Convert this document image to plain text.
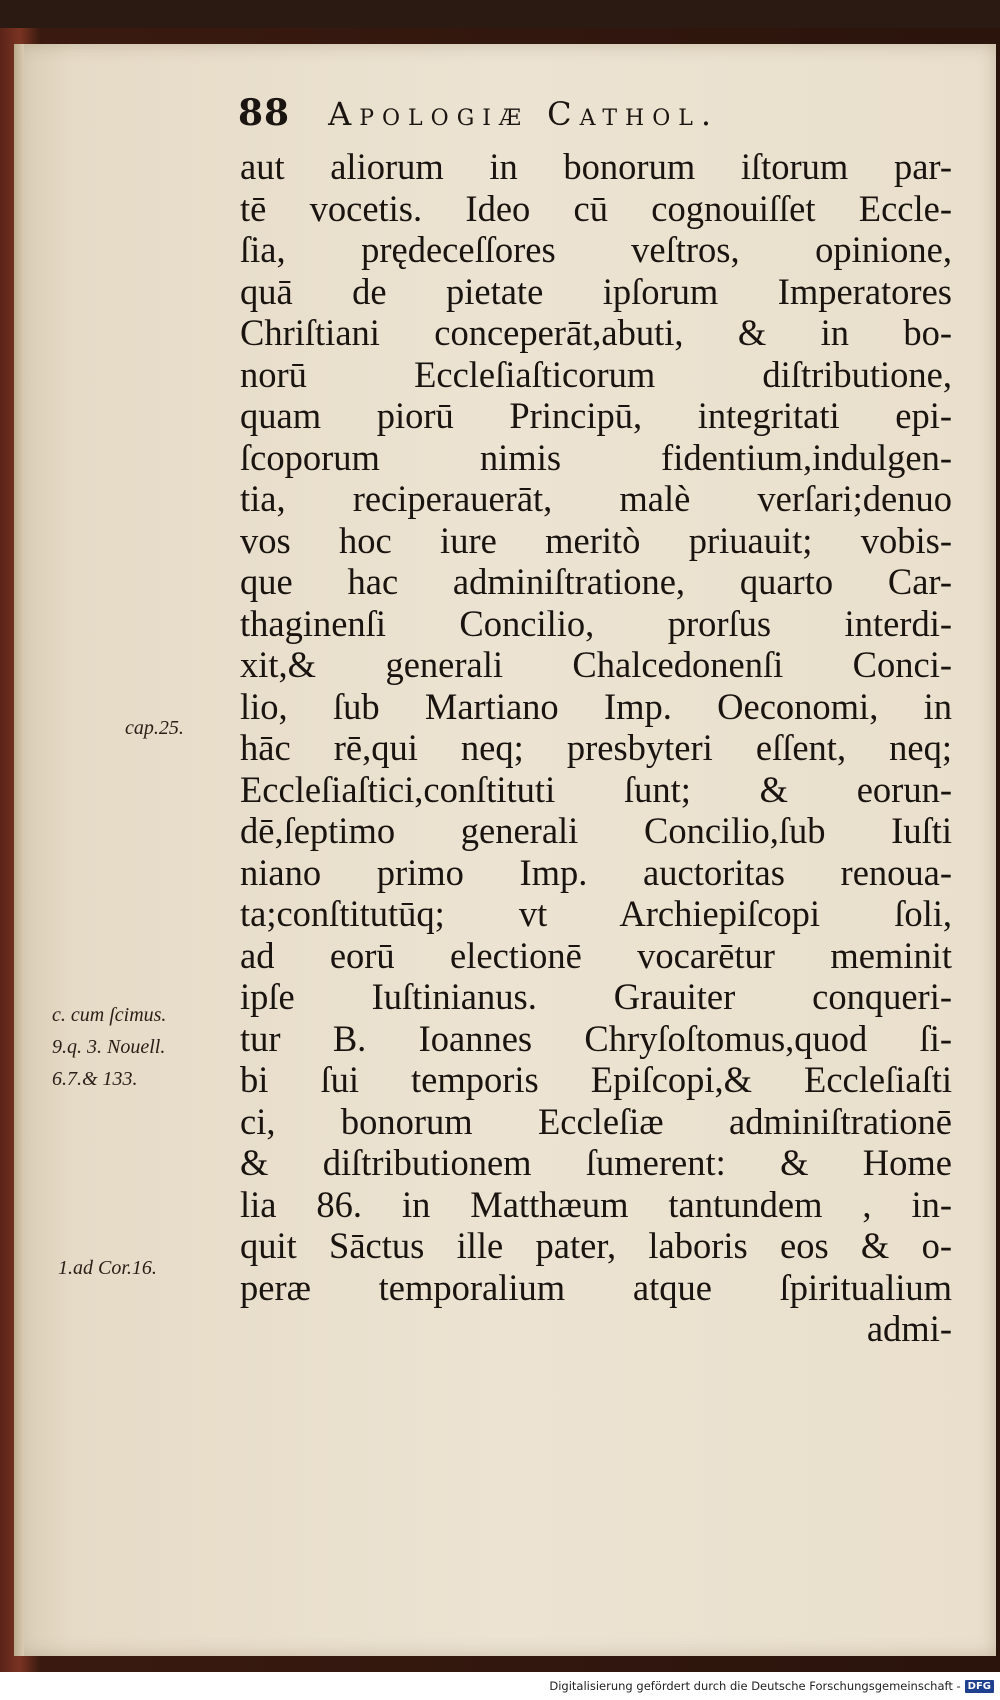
88 Apologiæ Cathol.
aut aliorum in bonorum iſtorum par-
tē vocetis. Ideo cū cognouiſſet Eccle-
ſia, prędeceſſores veſtros, opinione,
quā de pietate ipſorum Imperatores
Chriſtiani conceperāt,abuti, & in bo-
norū Eccleſiaſticorum diſtributione,
quam piorū Principū, integritati epi-
ſcoporum nimis fidentium,indulgen-
tia, reciperauerāt, malè verſari;denuo
vos hoc iure meritò priuauit; vobis-
que hac adminiſtratione, quarto Car-
thaginenſi Concilio, prorſus interdi-
xit,& generali Chalcedonenſi Conci-
lio, ſub Martiano Imp. Oeconomi, in
hāc rē,qui neq; presbyteri eſſent, neq;
Eccleſiaſtici,conſtituti ſunt; & eorun-
dē,ſeptimo generali Concilio,ſub Iuſti
niano primo Imp. auctoritas renoua-
ta;conſtitutūq; vt Archiepiſcopi ſoli,
ad eorū electionē vocarētur meminit
ipſe Iuſtinianus. Grauiter conqueri-
tur B. Ioannes Chryſoſtomus,quod ſi-
bi ſui temporis Epiſcopi,& Eccleſiaſti
ci, bonorum Eccleſiæ adminiſtrationē
& diſtributionem ſumerent: & Home
lia 86. in Matthæum tantundem , in-
quit Sāctus ille pater, laboris eos & o-
peræ temporalium atque ſpiritualium
admi-
cap.25.
c. cum ſcimus.
9.q. 3. Nouell.
6.7.& 133.
1.ad Cor.16.
Digitalisierung gefördert durch die Deutsche Forschungsgemeinschaft - DFG
